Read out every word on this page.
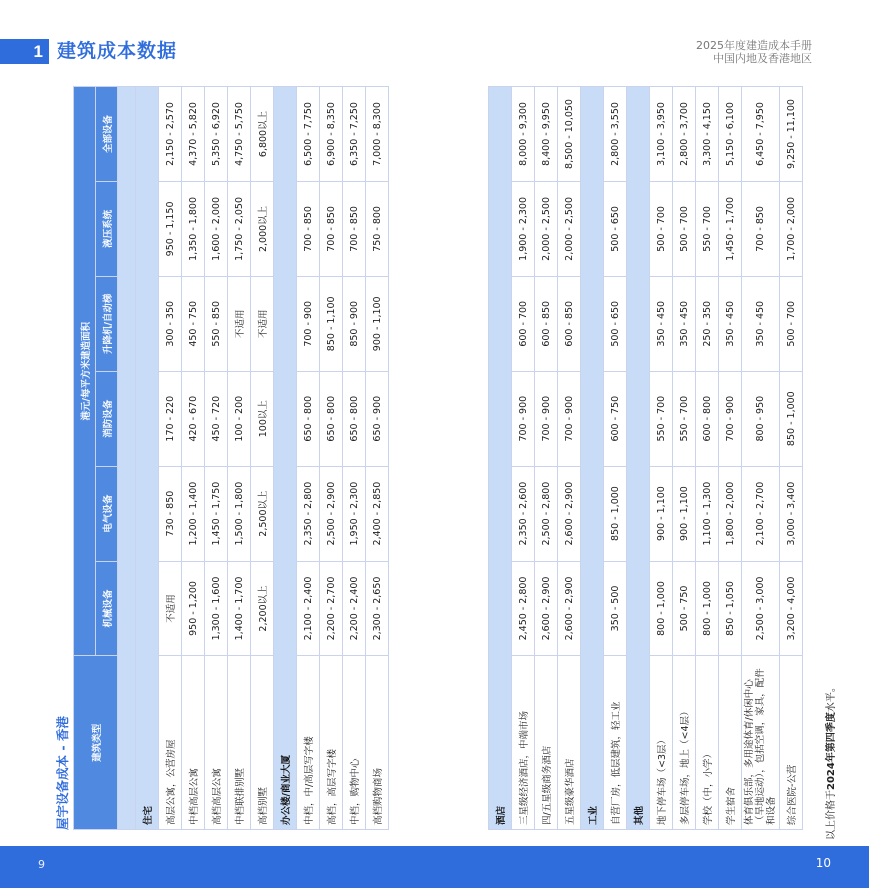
1 建筑成本数据	2025年度建造成本手册
中国内地及香港地区
屋宇设备成本 - 香港	建筑类型	港元/每平方米建造面积					
	机械设备	电气设备	消防设备	升降机/自动梯	液压系统	全部设备

住宅						
高层公寓，公营房屋	不适用	730 - 850	170 - 220	300 - 350	950 - 1,150	2,150 - 2,570
中档高层公寓	950 - 1,200	1,200 - 1,400	420 - 670	450 - 750	1,350 - 1,800	4,370 - 5,820
高档高层公寓	1,300 - 1,600	1,450 - 1,750	450 - 720	550 - 850	1,600 - 2,000	5,350 - 6,920
中档联排别墅	1,400 - 1,700	1,500 - 1,800	100 - 200	不适用	1,750 - 2,050	4,750 - 5,750
高档别墅	2,200以上	2,500以上	100以上	不适用	2,000以上	6,800以上
办公楼/商业大厦						
中档，中/高层写字楼	2,100 - 2,400	2,350 - 2,800	650 - 800	700 - 900	700 - 850	6,500 - 7,750
高档，高层写字楼	2,200 - 2,700	2,500 - 2,900	650 - 800	850 - 1,100	700 - 850	6,900 - 8,350
中档，购物中心	2,200 - 2,400	1,950 - 2,300	650 - 800	850 - 900	700 - 850	6,350 - 7,250
高档购物商场	2,300 - 2,650	2,400 - 2,850	650 - 900	900 - 1,100	750 - 800	7,000 - 8,300
酒店						
三星级经济酒店，中端市场	2,450 - 2,800	2,350 - 2,600	700 - 900	600 - 700	1,900 - 2,300	8,000 - 9,300
四/五星级商务酒店	2,600 - 2,900	2,500 - 2,800	700 - 900	600 - 850	2,000 - 2,500	8,400 - 9,950
五星级豪华酒店	2,600 - 2,900	2,600 - 2,900	700 - 900	600 - 850	2,000 - 2,500	8,500 - 10,050
工业						
自营厂房，低层建筑，轻工业	350 - 500	850 - 1,000	600 - 750	500 - 650	500 - 650	2,800 - 3,550
其他						
地下停车场（<3层）	800 - 1,000	900 - 1,100	550 - 700	350 - 450	500 - 700	3,100 - 3,950
多层停车场，地上（<4层）	500 - 750	900 - 1,100	550 - 700	350 - 450	500 - 700	2,800 - 3,700
学校（中，小学）	800 - 1,000	1,100 - 1,300	600 - 800	250 - 350	550 - 700	3,300 - 4,150
学生宿舍	850 - 1,050	1,800 - 2,000	700 - 900	350 - 450	1,450 - 1,700	5,150 - 6,100
体育俱乐部，多用途体育/休闲中心（旱地运动），包括空调，家具，配件和设备	2,500 - 3,000	2,100 - 2,700	800 - 950	350 - 450	700 - 850	6,450 - 7,950
综合医院-公营	3,200 - 4,000	3,000 - 3,400	850 - 1,000	500 - 700	1,700 - 2,000	9,250 - 11,100
以上价格于2024年第四季度水平。
9	10
